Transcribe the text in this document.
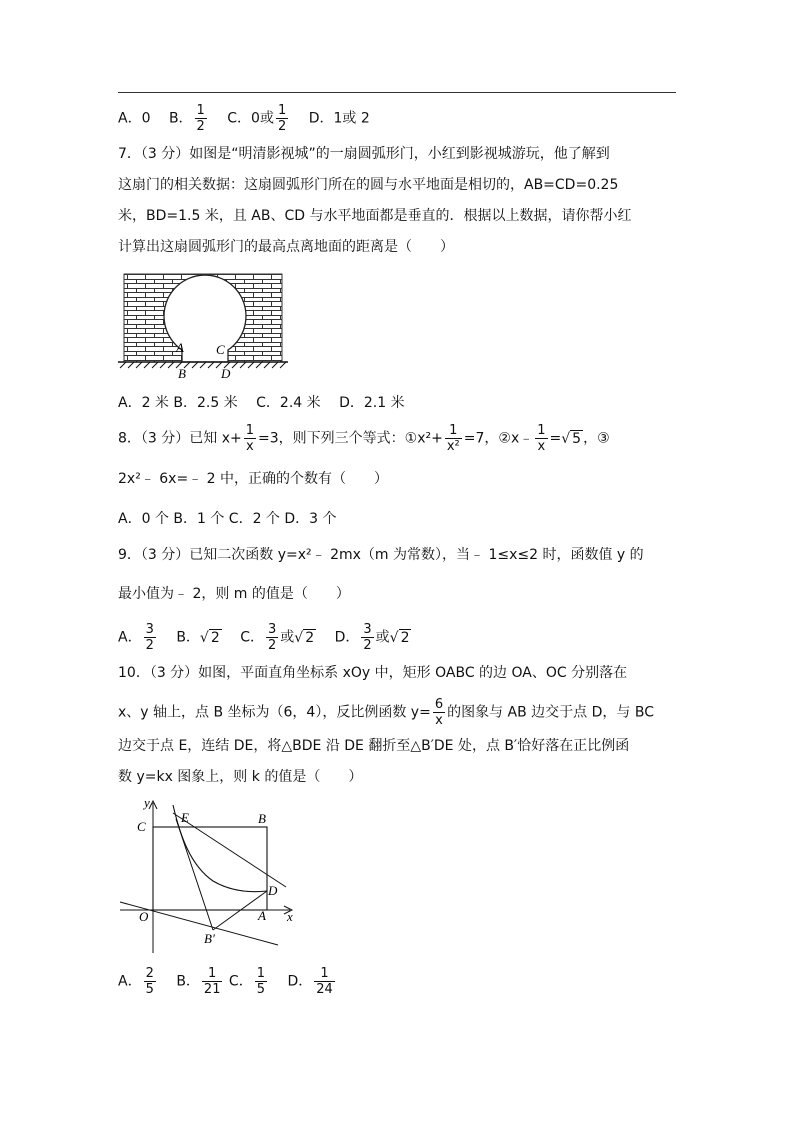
A．0 B． $\frac{1}{2}$ C．0或 $\frac{1}{2}$ D．1或 2
7．（3 分）如图是“明清影视城”的一扇圆弧形门，小红到影视城游玩，他了解到
这扇门的相关数据：这扇圆弧形门所在的圆与水平地面是相切的，AB=CD=0.25
米，BD=1.5 米，且 AB、CD 与水平地面都是垂直的．根据以上数据，请你帮小红
计算出这扇圆弧形门的最高点离地面的距离是（　　）
A
B
C
D
A．2 米 B．2.5 米　 C．2.4 米　 D．2.1 米
8．（3 分）已知 $x+ \frac{1}{x} =3$，则下列三个等式：①x²+ $\frac{1}{\text{x²}} =7$，②x﹣ $\frac{1}{x}$ =√ 5 ，③
2x²﹣ 6x=﹣ 2 中，正确的个数有（　　）
A．0 个 B．1 个 C．2 个 D．3 个
9．（3 分）已知二次函数 y=x²﹣ 2mx（m 为常数），当﹣ 1≤x≤2 时，函数值 y 的
最小值为﹣ 2，则 m 的值是（　　）
A． $\frac{3}{2}$ B．√ 2 C． $\frac{3}{2}$ 或√ 2 D． $\frac{3}{2}$ 或√ 2
10．（3 分）如图，平面直角坐标系 xOy 中，矩形 OABC 的边 OA、OC 分别落在
x、y 轴上，点 B 坐标为（6，4），反比例函数 $y= \frac{6}{x}$ 的图象与 AB 边交于点 D，与 BC
边交于点 E，连结 DE，将△BDE 沿 DE 翻折至△B′DE 处，点 B′恰好落在正比例函
数 y=kx 图象上，则 k 的值是（　　）
y
x
C
E	B
D
O	A
B′
A． $\frac{2}{5}$ B． $\frac{1}{21}$ C． $\frac{1}{5}$ D． $\frac{1}{24}$
